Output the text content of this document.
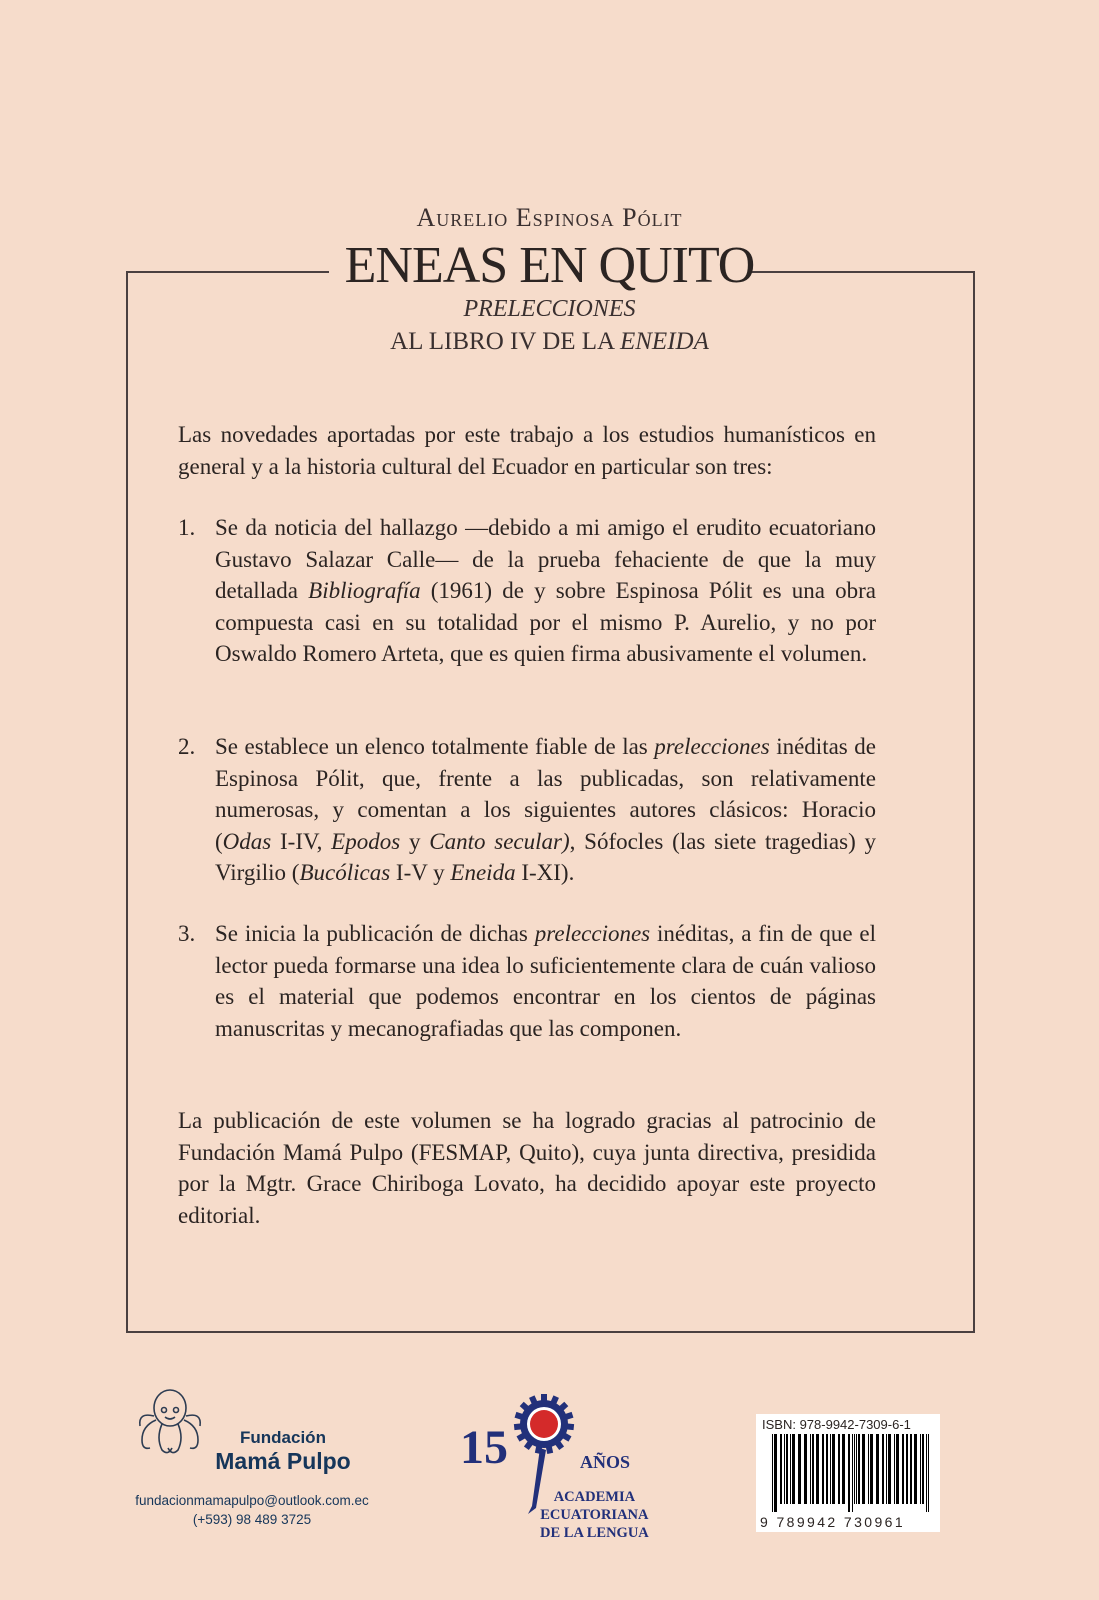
Aurelio Espinosa Pólit
ENEAS EN QUITO
PRELECCIONES
AL LIBRO IV DE LA ENEIDA
Las novedades aportadas por este trabajo a los estudios humanísticos en general y a la historia cultural del Ecuador en particular son tres:
1. Se da noticia del hallazgo —debido a mi amigo el erudito ecuatoriano Gustavo Salazar Calle— de la prueba fehaciente de que la muy detallada Bibliografía (1961) de y sobre Espinosa Pólit es una obra compuesta casi en su totalidad por el mismo P. Aurelio, y no por Oswaldo Romero Arteta, que es quien firma abusivamente el volumen.
2. Se establece un elenco totalmente fiable de las prelecciones inéditas de Espinosa Pólit, que, frente a las publicadas, son relativamente numerosas, y comentan a los siguientes autores clásicos: Horacio (Odas I-IV, Epodos y Canto secular), Sófocles (las siete tragedias) y Virgilio (Bucólicas I-V y Eneida I-XI).
3. Se inicia la publicación de dichas prelecciones inéditas, a fin de que el lector pueda formarse una idea lo suficientemente clara de cuán valioso es el material que podemos encontrar en los cientos de páginas manuscritas y mecanografiadas que las componen.
La publicación de este volumen se ha logrado gracias al patrocinio de Fundación Mamá Pulpo (FESMAP, Quito), cuya junta directiva, presidida por la Mgtr. Grace Chiriboga Lovato, ha decidido apoyar este proyecto editorial.
Fundación
Mamá Pulpo
fundacionmamapulpo@outlook.com.ec
(+593) 98 489 3725
15	AÑOS
ACADEMIA
ECUATORIANA
DE LA LENGUA
ISBN: 978-9942-7309-6-1
9 789942 730961
